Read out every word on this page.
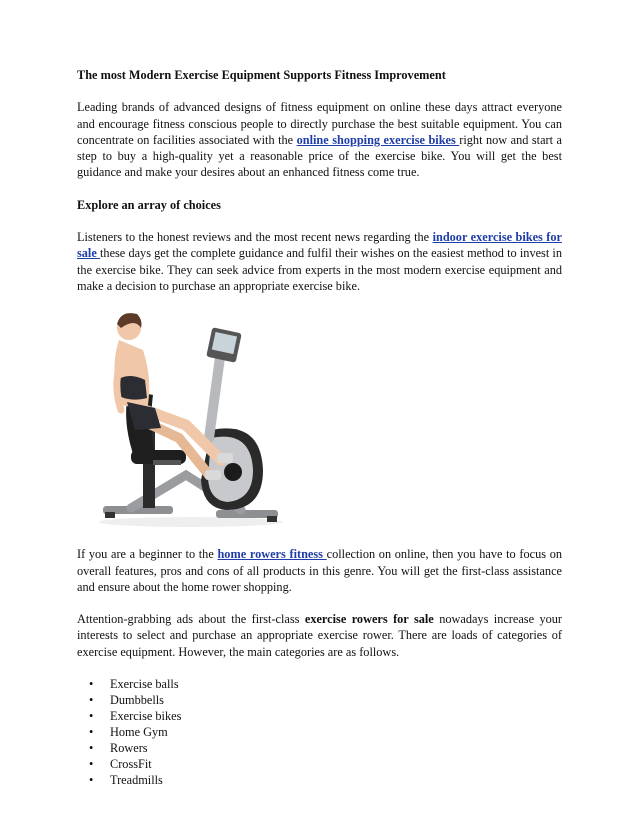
The most Modern Exercise Equipment Supports Fitness Improvement

Leading brands of advanced designs of fitness equipment on online these days attract everyone and encourage fitness conscious people to directly purchase the best suitable equipment. You can concentrate on facilities associated with the online shopping exercise bikes right now and start a step to buy a high-quality yet a reasonable price of the exercise bike. You will get the best guidance and make your desires about an enhanced fitness come true.

Explore an array of choices

Listeners to the honest reviews and the most recent news regarding the indoor exercise bikes for sale these days get the complete guidance and fulfil their wishes on the easiest method to invest in the exercise bike. They can seek advice from experts in the most modern exercise equipment and make a decision to purchase an appropriate exercise bike.

If you are a beginner to the home rowers fitness collection on online, then you have to focus on overall features, pros and cons of all products in this genre. You will get the first-class assistance and ensure about the home rower shopping.

Attention-grabbing ads about the first-class exercise rowers for sale nowadays increase your interests to select and purchase an appropriate exercise rower. There are loads of categories of exercise equipment. However, the main categories are as follows.

• Exercise balls
• Dumbbells
• Exercise bikes
• Home Gym
• Rowers
• CrossFit
• Treadmills
